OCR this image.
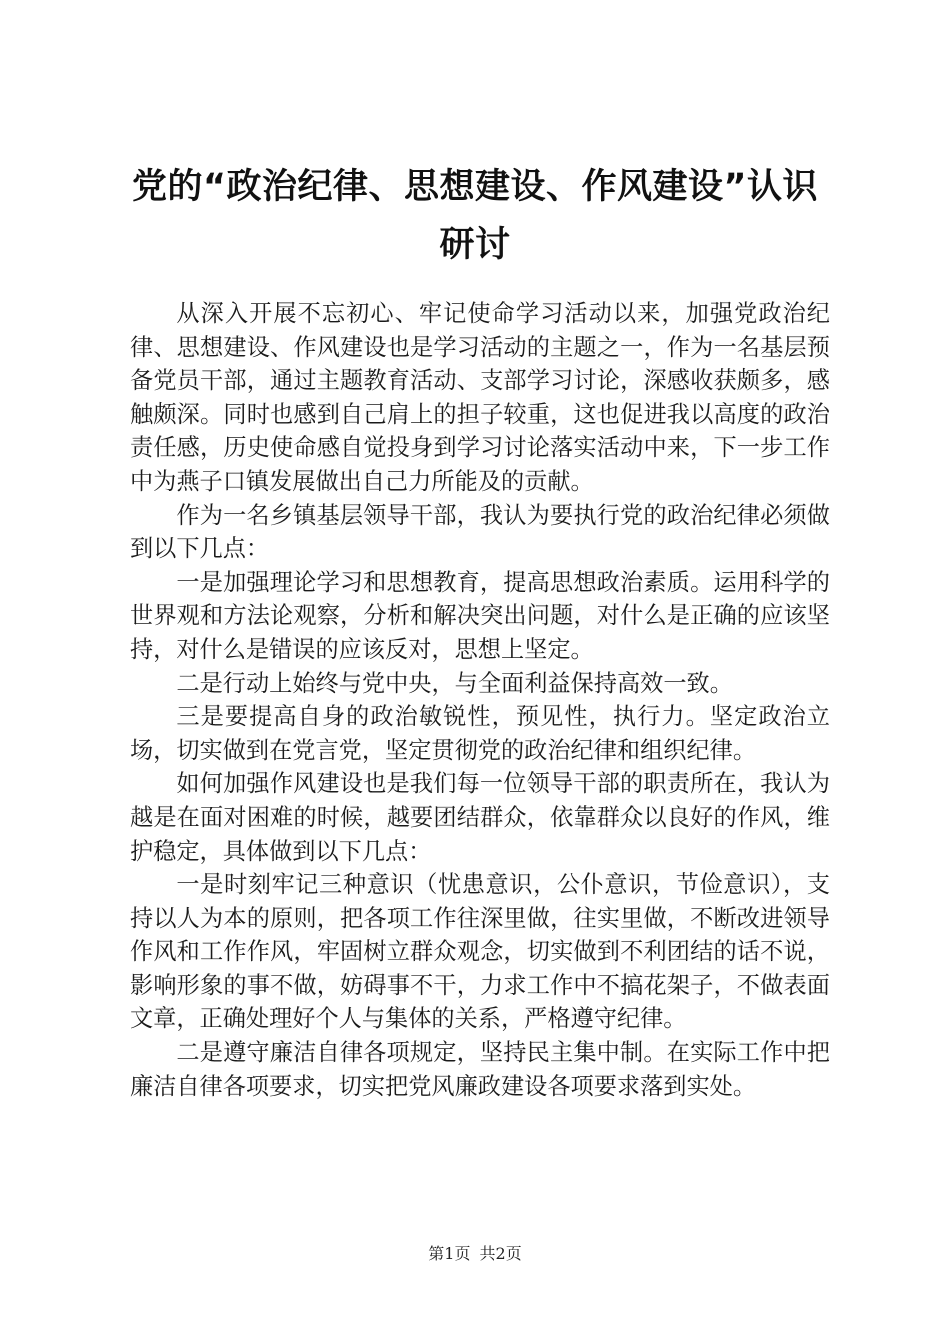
党的“政治纪律、思想建设、作风建设”认识
研讨

从深入开展不忘初心、牢记使命学习活动以来，加强党政治纪律、思想建设、作风建设也是学习活动的主题之一，作为一名基层预备党员干部，通过主题教育活动、支部学习讨论，深感收获颇多，感触颇深。同时也感到自己肩上的担子较重，这也促进我以高度的政治责任感，历史使命感自觉投身到学习讨论落实活动中来，下一步工作中为燕子口镇发展做出自己力所能及的贡献。

作为一名乡镇基层领导干部，我认为要执行党的政治纪律必须做到以下几点：

一是加强理论学习和思想教育，提高思想政治素质。运用科学的世界观和方法论观察，分析和解决突出问题，对什么是正确的应该坚持，对什么是错误的应该反对，思想上坚定。

二是行动上始终与党中央，与全面利益保持高效一致。

三是要提高自身的政治敏锐性，预见性，执行力。坚定政治立场，切实做到在党言党，坚定贯彻党的政治纪律和组织纪律。

如何加强作风建设也是我们每一位领导干部的职责所在，我认为越是在面对困难的时候，越要团结群众，依靠群众以良好的作风，维护稳定，具体做到以下几点：

一是时刻牢记三种意识（忧患意识，公仆意识，节俭意识），支持以人为本的原则，把各项工作往深里做，往实里做，不断改进领导作风和工作作风，牢固树立群众观念，切实做到不利团结的话不说，影响形象的事不做，妨碍事不干，力求工作中不搞花架子，不做表面文章，正确处理好个人与集体的关系，严格遵守纪律。

二是遵守廉洁自律各项规定，坚持民主集中制。在实际工作中把廉洁自律各项要求，切实把党风廉政建设各项要求落到实处。

第1页 共2页
